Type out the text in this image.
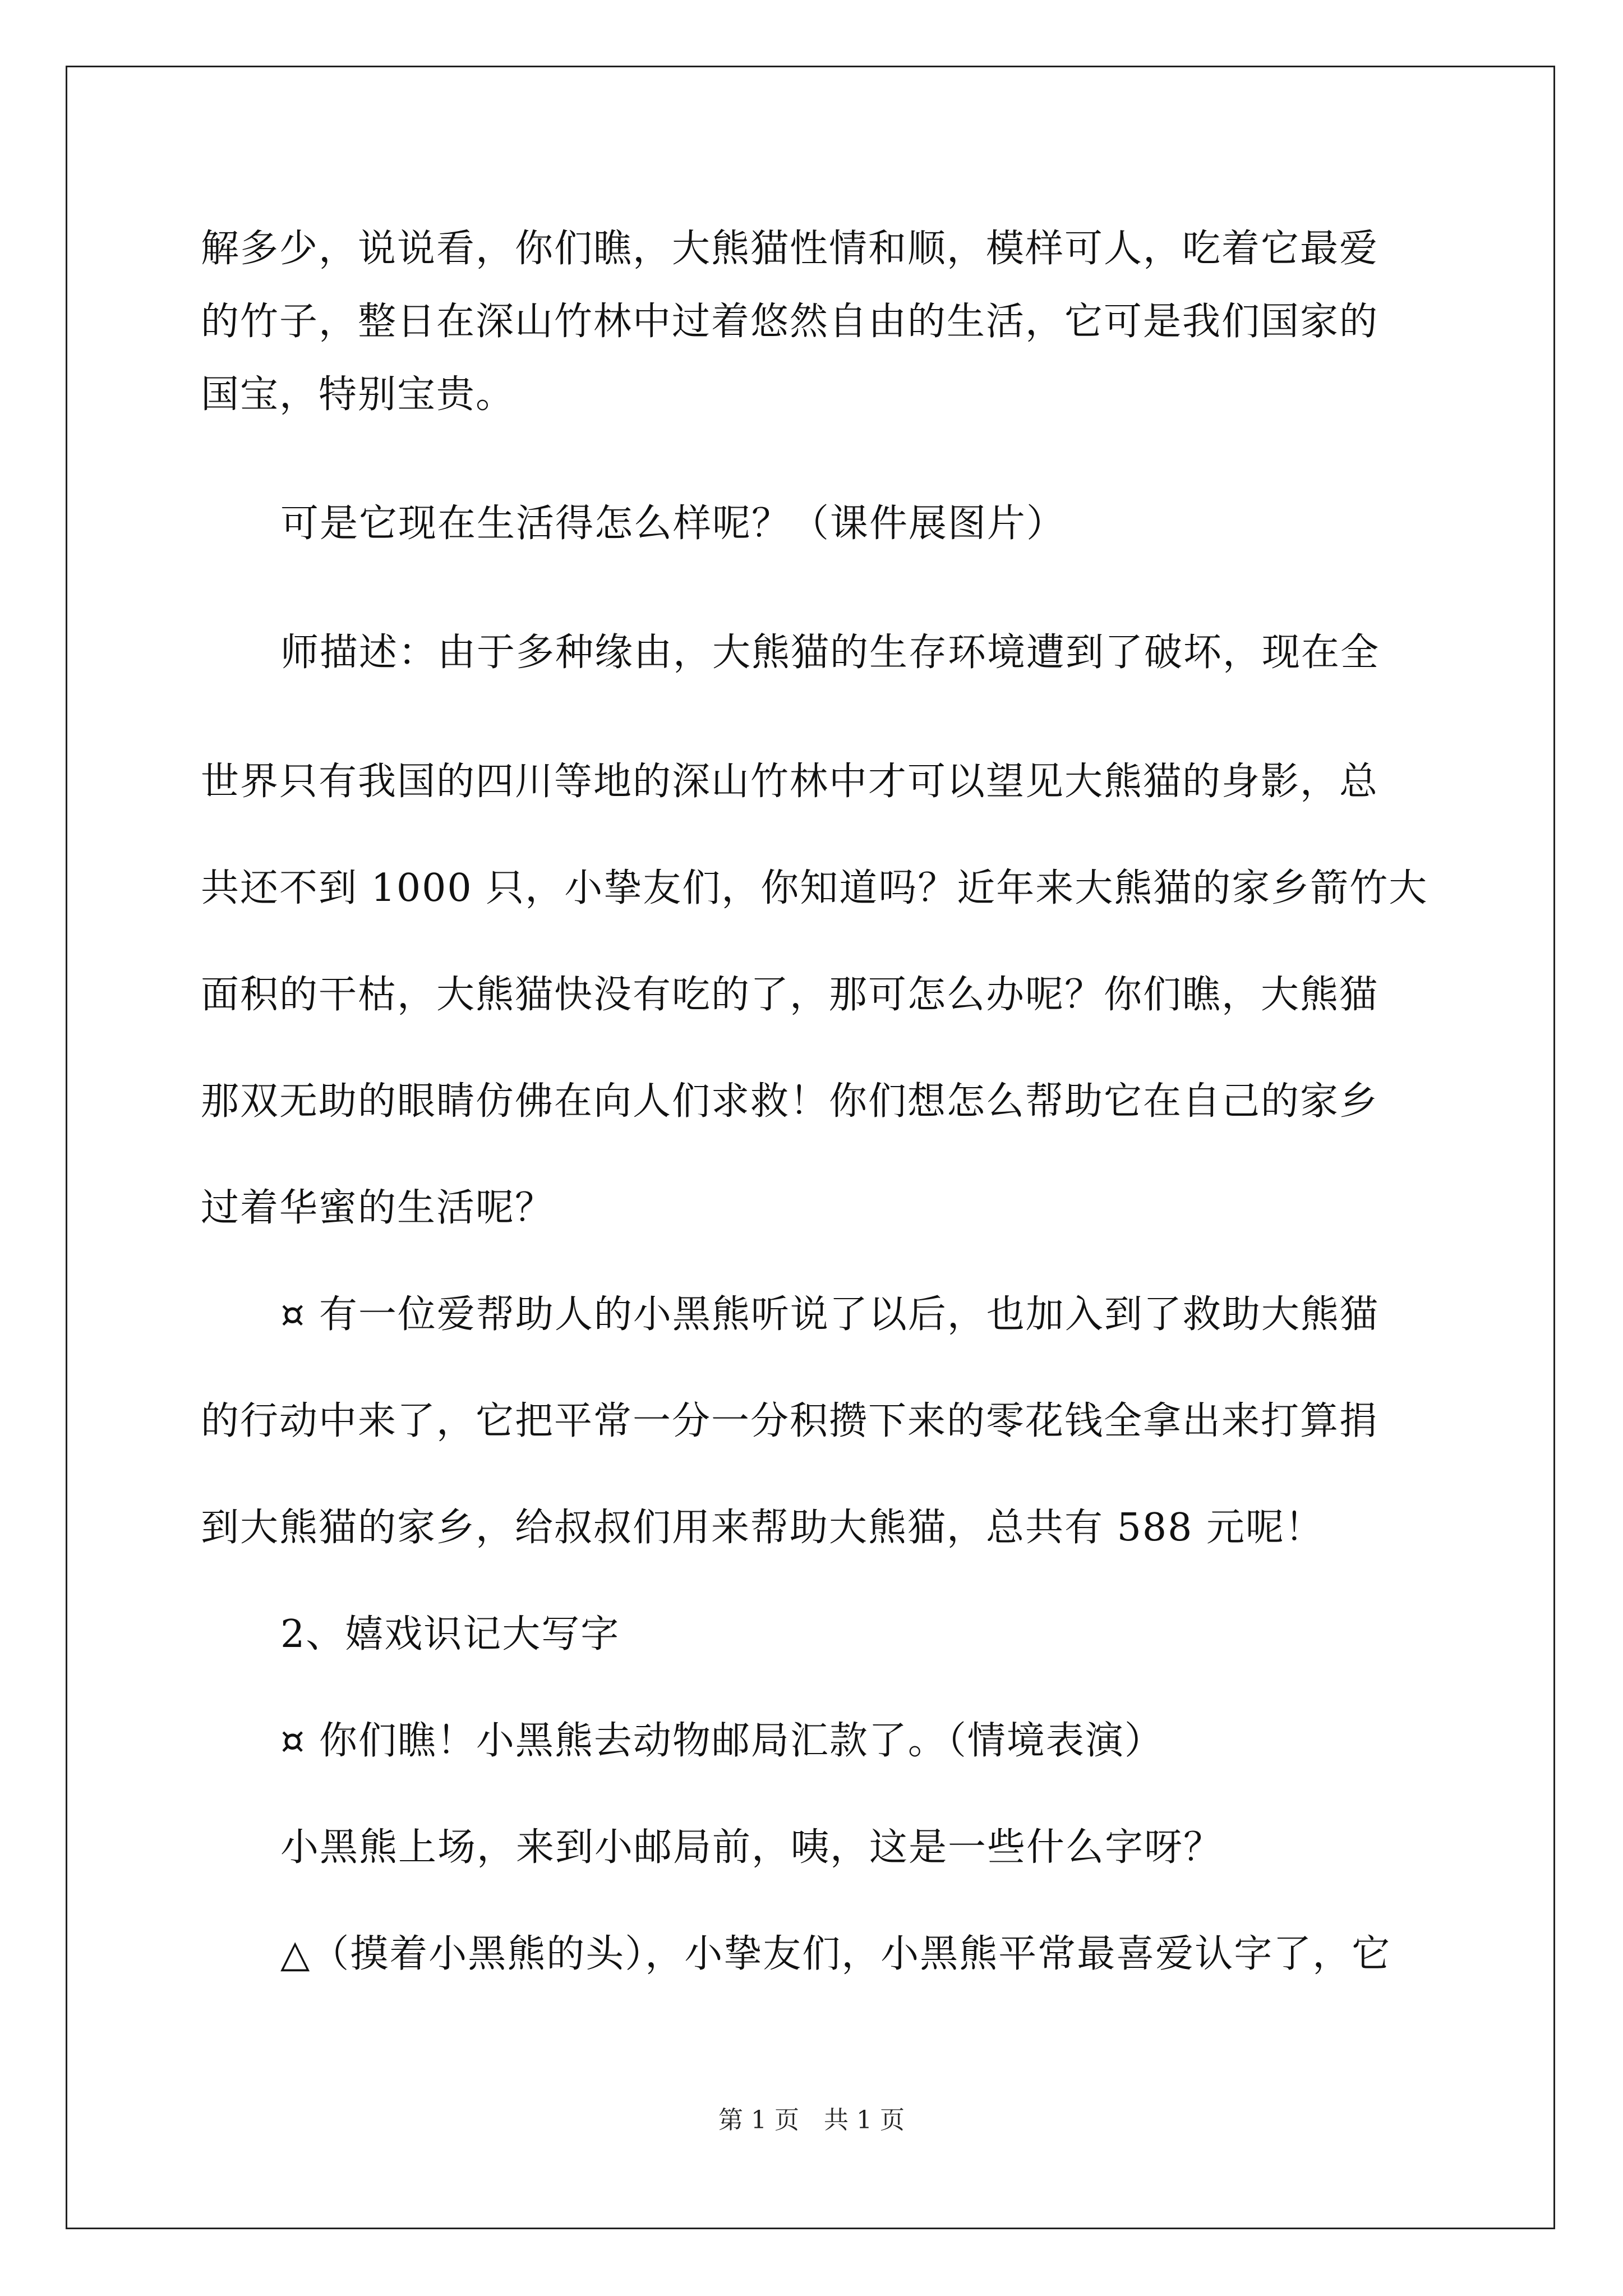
解多少，说说看，你们瞧，大熊猫性情和顺，模样可人，吃着它最爱
的竹子，整日在深山竹林中过着悠然自由的生活，它可是我们国家的
国宝，特别宝贵。
可是它现在生活得怎么样呢？（课件展图片）
师描述：由于多种缘由，大熊猫的生存环境遭到了破坏，现在全
世界只有我国的四川等地的深山竹林中才可以望见大熊猫的身影，总
共还不到 1000 只，小挚友们，你知道吗？近年来大熊猫的家乡箭竹大
面积的干枯，大熊猫快没有吃的了，那可怎么办呢？你们瞧，大熊猫
那双无助的眼睛仿佛在向人们求救！你们想怎么帮助它在自己的家乡
过着华蜜的生活呢？
¤ 有一位爱帮助人的小黑熊听说了以后，也加入到了救助大熊猫
的行动中来了，它把平常一分一分积攒下来的零花钱全拿出来打算捐
到大熊猫的家乡，给叔叔们用来帮助大熊猫，总共有 588 元呢！
2、嬉戏识记大写字
¤ 你们瞧！小黑熊去动物邮局汇款了。（情境表演）
小黑熊上场，来到小邮局前，咦，这是一些什么字呀？
△（摸着小黑熊的头），小挚友们，小黑熊平常最喜爱认字了，它
第 1 页　共 1 页
